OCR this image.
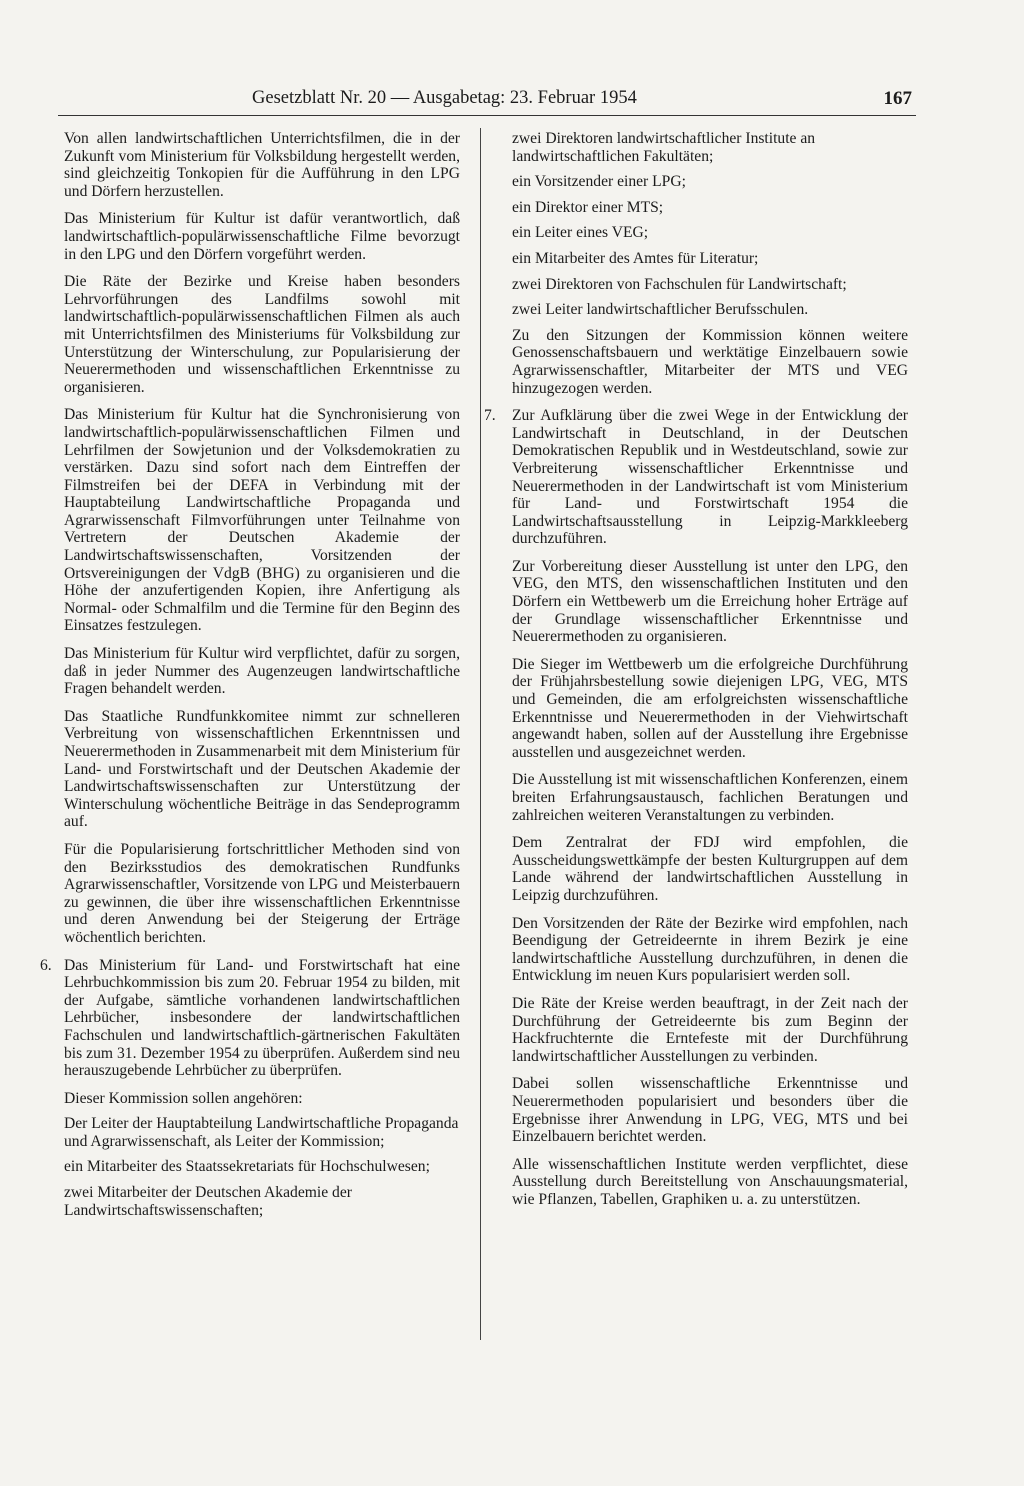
Gesetzblatt Nr. 20 — Ausgabetag: 23. Februar 1954	167

Von allen landwirtschaftlichen Unterrichtsfilmen, die in der Zukunft vom Ministerium für Volksbildung hergestellt werden, sind gleichzeitig Tonkopien für die Aufführung in den LPG und Dörfern herzustellen.

Das Ministerium für Kultur ist dafür verantwortlich, daß landwirtschaftlich-populärwissenschaftliche Filme bevorzugt in den LPG und den Dörfern vorgeführt werden.

Die Räte der Bezirke und Kreise haben besonders Lehrvorführungen des Landfilms sowohl mit landwirtschaftlich-populärwissenschaftlichen Filmen als auch mit Unterrichtsfilmen des Ministeriums für Volksbildung zur Unterstützung der Winterschulung, zur Popularisierung der Neuerermethoden und wissenschaftlichen Erkenntnisse zu organisieren.

Das Ministerium für Kultur hat die Synchronisierung von landwirtschaftlich-populärwissenschaftlichen Filmen und Lehrfilmen der Sowjetunion und der Volksdemokratien zu verstärken. Dazu sind sofort nach dem Eintreffen der Filmstreifen bei der DEFA in Verbindung mit der Hauptabteilung Landwirtschaftliche Propaganda und Agrarwissenschaft Filmvorführungen unter Teilnahme von Vertretern der Deutschen Akademie der Landwirtschaftswissenschaften, Vorsitzenden der Ortsvereinigungen der VdgB (BHG) zu organisieren und die Höhe der anzufertigenden Kopien, ihre Anfertigung als Normal- oder Schmalfilm und die Termine für den Beginn des Einsatzes festzulegen.

Das Ministerium für Kultur wird verpflichtet, dafür zu sorgen, daß in jeder Nummer des Augenzeugen landwirtschaftliche Fragen behandelt werden.

Das Staatliche Rundfunkkomitee nimmt zur schnelleren Verbreitung von wissenschaftlichen Erkenntnissen und Neuerermethoden in Zusammenarbeit mit dem Ministerium für Land- und Forstwirtschaft und der Deutschen Akademie der Landwirtschaftswissenschaften zur Unterstützung der Winterschulung wöchentliche Beiträge in das Sendeprogramm auf.

Für die Popularisierung fortschrittlicher Methoden sind von den Bezirksstudios des demokratischen Rundfunks Agrarwissenschaftler, Vorsitzende von LPG und Meisterbauern zu gewinnen, die über ihre wissenschaftlichen Erkenntnisse und deren Anwendung bei der Steigerung der Erträge wöchentlich berichten.

6. Das Ministerium für Land- und Forstwirtschaft hat eine Lehrbuchkommission bis zum 20. Februar 1954 zu bilden, mit der Aufgabe, sämtliche vorhandenen landwirtschaftlichen Lehrbücher, insbesondere der landwirtschaftlichen Fachschulen und landwirtschaftlich-gärtnerischen Fakultäten bis zum 31. Dezember 1954 zu überprüfen. Außerdem sind neu herauszugebende Lehrbücher zu überprüfen.

Dieser Kommission sollen angehören:

Der Leiter der Hauptabteilung Landwirtschaftliche Propaganda und Agrarwissenschaft, als Leiter der Kommission;

ein Mitarbeiter des Staatssekretariats für Hochschulwesen;

zwei Mitarbeiter der Deutschen Akademie der Landwirtschaftswissenschaften;

zwei Direktoren landwirtschaftlicher Institute an landwirtschaftlichen Fakultäten;

ein Vorsitzender einer LPG;

ein Direktor einer MTS;

ein Leiter eines VEG;

ein Mitarbeiter des Amtes für Literatur;

zwei Direktoren von Fachschulen für Landwirtschaft;

zwei Leiter landwirtschaftlicher Berufsschulen.

Zu den Sitzungen der Kommission können weitere Genossenschaftsbauern und werktätige Einzelbauern sowie Agrarwissenschaftler, Mitarbeiter der MTS und VEG hinzugezogen werden.

7. Zur Aufklärung über die zwei Wege in der Entwicklung der Landwirtschaft in Deutschland, in der Deutschen Demokratischen Republik und in Westdeutschland, sowie zur Verbreiterung wissenschaftlicher Erkenntnisse und Neuerermethoden in der Landwirtschaft ist vom Ministerium für Land- und Forstwirtschaft 1954 die Landwirtschaftsausstellung in Leipzig-Markkleeberg durchzuführen.

Zur Vorbereitung dieser Ausstellung ist unter den LPG, den VEG, den MTS, den wissenschaftlichen Instituten und den Dörfern ein Wettbewerb um die Erreichung hoher Erträge auf der Grundlage wissenschaftlicher Erkenntnisse und Neuerermethoden zu organisieren.

Die Sieger im Wettbewerb um die erfolgreiche Durchführung der Frühjahrsbestellung sowie diejenigen LPG, VEG, MTS und Gemeinden, die am erfolgreichsten wissenschaftliche Erkenntnisse und Neuerermethoden in der Viehwirtschaft angewandt haben, sollen auf der Ausstellung ihre Ergebnisse ausstellen und ausgezeichnet werden.

Die Ausstellung ist mit wissenschaftlichen Konferenzen, einem breiten Erfahrungsaustausch, fachlichen Beratungen und zahlreichen weiteren Veranstaltungen zu verbinden.

Dem Zentralrat der FDJ wird empfohlen, die Ausscheidungswettkämpfe der besten Kulturgruppen auf dem Lande während der landwirtschaftlichen Ausstellung in Leipzig durchzuführen.

Den Vorsitzenden der Räte der Bezirke wird empfohlen, nach Beendigung der Getreideernte in ihrem Bezirk je eine landwirtschaftliche Ausstellung durchzuführen, in denen die Entwicklung im neuen Kurs popularisiert werden soll.

Die Räte der Kreise werden beauftragt, in der Zeit nach der Durchführung der Getreideernte bis zum Beginn der Hackfruchternte die Erntefeste mit der Durchführung landwirtschaftlicher Ausstellungen zu verbinden.

Dabei sollen wissenschaftliche Erkenntnisse und Neuerermethoden popularisiert und besonders über die Ergebnisse ihrer Anwendung in LPG, VEG, MTS und bei Einzelbauern berichtet werden.

Alle wissenschaftlichen Institute werden verpflichtet, diese Ausstellung durch Bereitstellung von Anschauungsmaterial, wie Pflanzen, Tabellen, Graphiken u. a. zu unterstützen.
